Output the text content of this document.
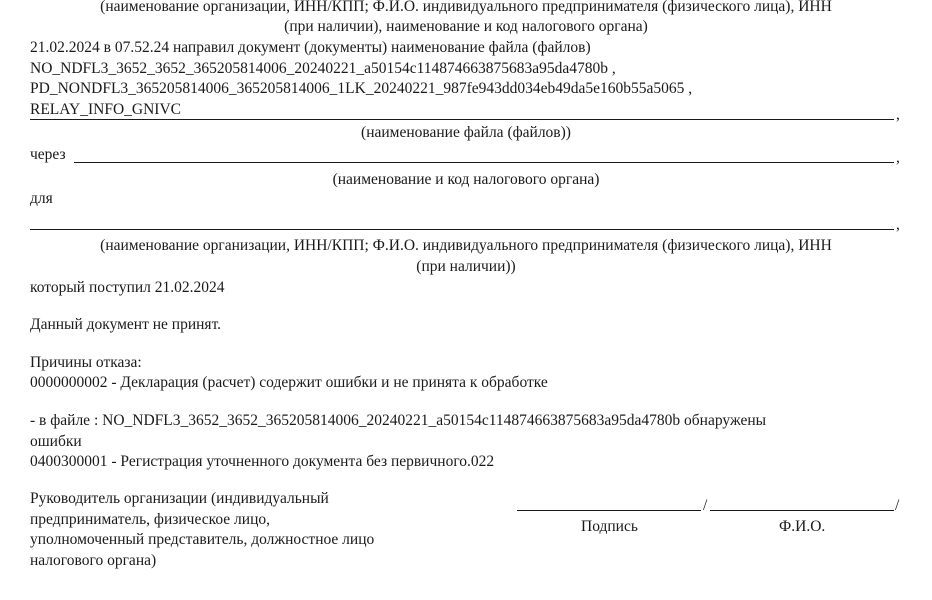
(наименование организации, ИНН/КПП; Ф.И.О. индивидуального предпринимателя (физического лица), ИНН
(при наличии), наименование и код налогового органа)
21.02.2024 в 07.52.24 направил документ (документы) наименование файла (файлов)
NO_NDFL3_3652_3652_365205814006_20240221_a50154c114874663875683a95da4780b ,
PD_NONDFL3_365205814006_365205814006_1LK_20240221_987fe943dd034eb49da5e160b55a5065 ,
RELAY_INFO_GNIVC	,
(наименование файла (файлов))
через	,
(наименование и код налогового органа)
для
,
(наименование организации, ИНН/КПП; Ф.И.О. индивидуального предпринимателя (физического лица), ИНН
(при наличии))
который поступил 21.02.2024
Данный документ не принят.
Причины отказа:
0000000002 - Декларация (расчет) содержит ошибки и не принята к обработке
- в файле : NO_NDFL3_3652_3652_365205814006_20240221_a50154c114874663875683a95da4780b обнаружены
ошибки
0400300001 - Регистрация уточненного документа без первичного.022
Руководитель организации (индивидуальный
предприниматель, физическое лицо,
уполномоченный представитель, должностное лицо
налогового органа)
/	/
Подпись	Ф.И.О.
